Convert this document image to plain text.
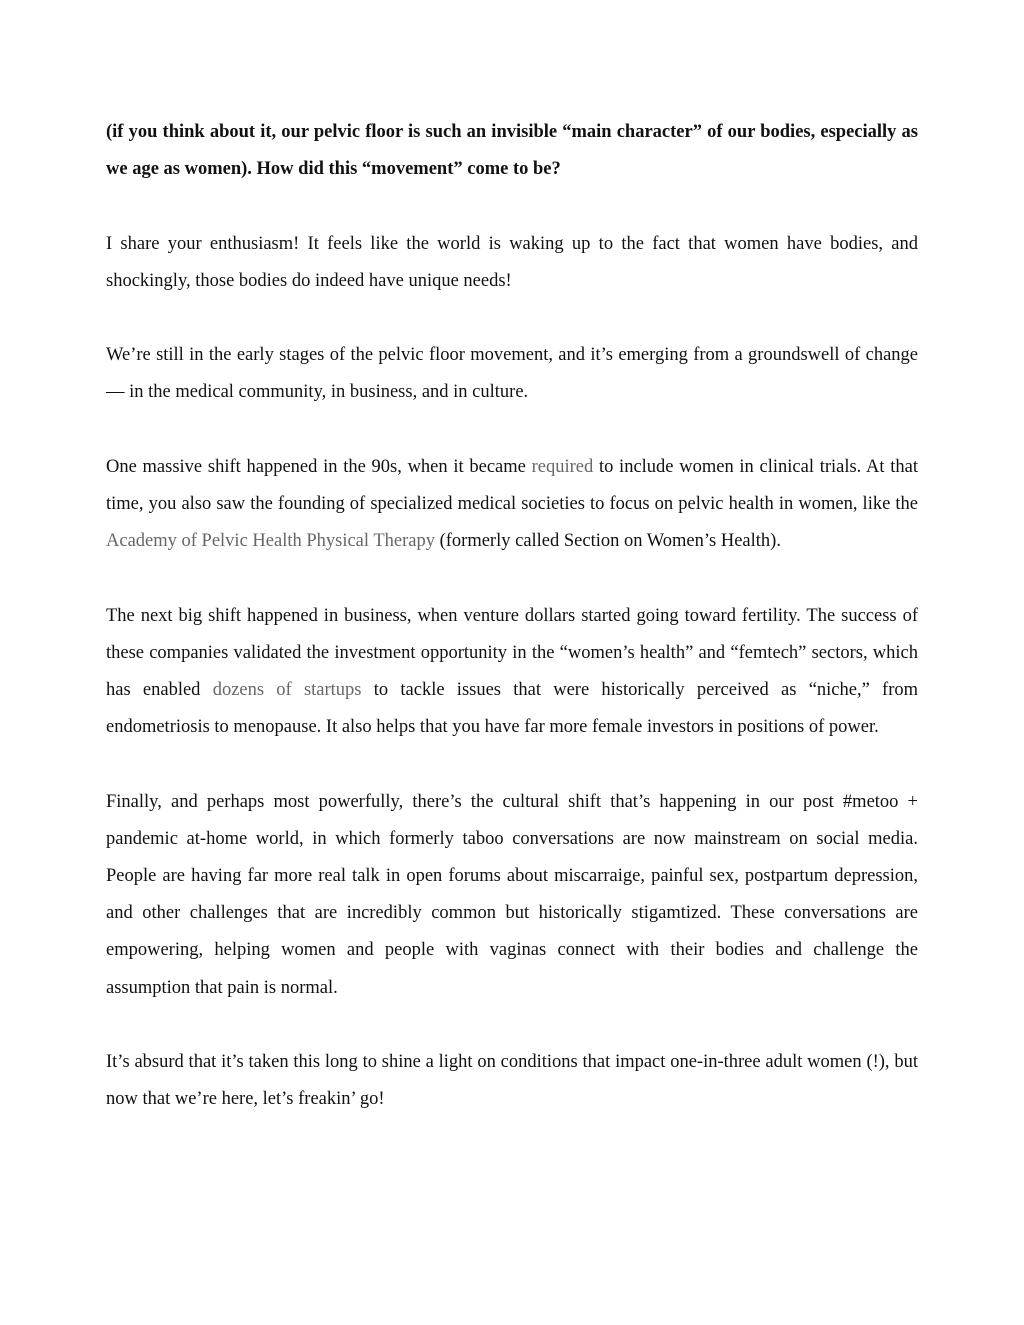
(if you think about it, our pelvic floor is such an invisible “main character” of our bodies, especially as we age as women). How did this “movement” come to be?

I share your enthusiasm! It feels like the world is waking up to the fact that women have bodies, and shockingly, those bodies do indeed have unique needs!

We’re still in the early stages of the pelvic floor movement, and it’s emerging from a groundswell of change — in the medical community, in business, and in culture.

One massive shift happened in the 90s, when it became required to include women in clinical trials. At that time, you also saw the founding of specialized medical societies to focus on pelvic health in women, like the Academy of Pelvic Health Physical Therapy (formerly called Section on Women’s Health).

The next big shift happened in business, when venture dollars started going toward fertility. The success of these companies validated the investment opportunity in the “women’s health” and “femtech” sectors, which has enabled dozens of startups to tackle issues that were historically perceived as “niche,” from endometriosis to menopause. It also helps that you have far more female investors in positions of power.

Finally, and perhaps most powerfully, there’s the cultural shift that’s happening in our post #metoo + pandemic at-home world, in which formerly taboo conversations are now mainstream on social media. People are having far more real talk in open forums about miscarraige, painful sex, postpartum depression, and other challenges that are incredibly common but historically stigamtized. These conversations are empowering, helping women and people with vaginas connect with their bodies and challenge the assumption that pain is normal.

It’s absurd that it’s taken this long to shine a light on conditions that impact one-in-three adult women (!), but now that we’re here, let’s freakin’ go!
